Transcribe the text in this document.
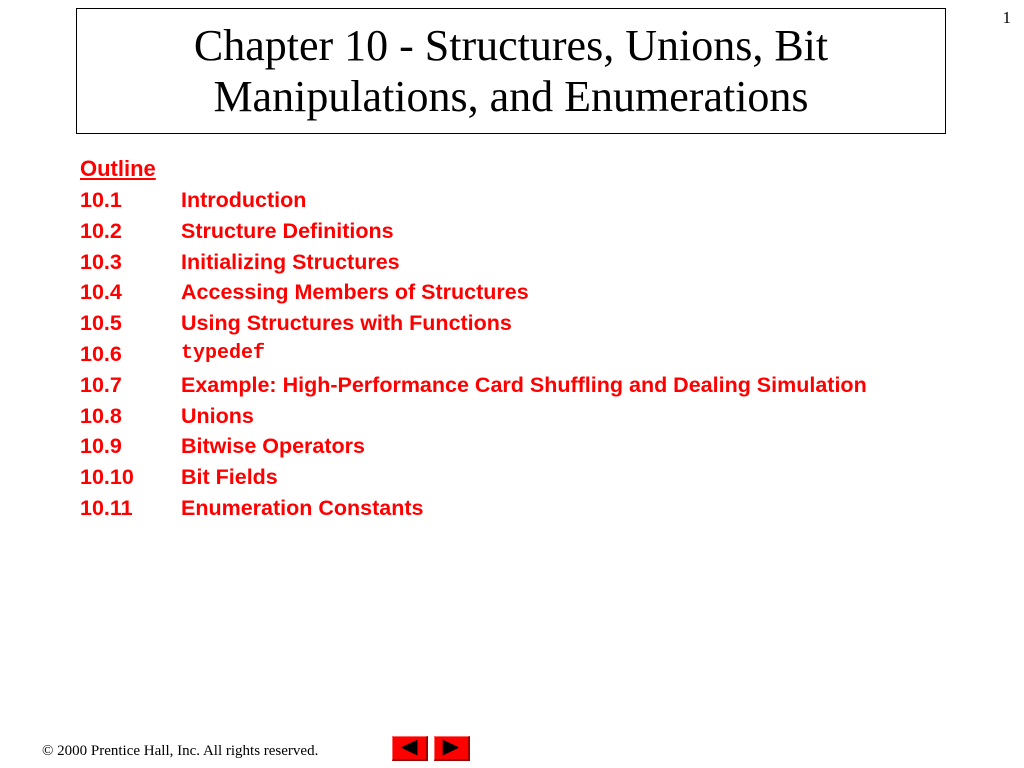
1
Chapter 10 - Structures, Unions, Bit
Manipulations, and Enumerations
Outline
10.1	Introduction
10.2	Structure Definitions
10.3	Initializing Structures
10.4	Accessing Members of Structures
10.5	Using Structures with Functions
10.6	typedef
10.7	Example: High-Performance Card Shuffling and Dealing Simulation
10.8	Unions
10.9	Bitwise Operators
10.10	Bit Fields
10.11	Enumeration Constants
© 2000 Prentice Hall, Inc. All rights reserved.
